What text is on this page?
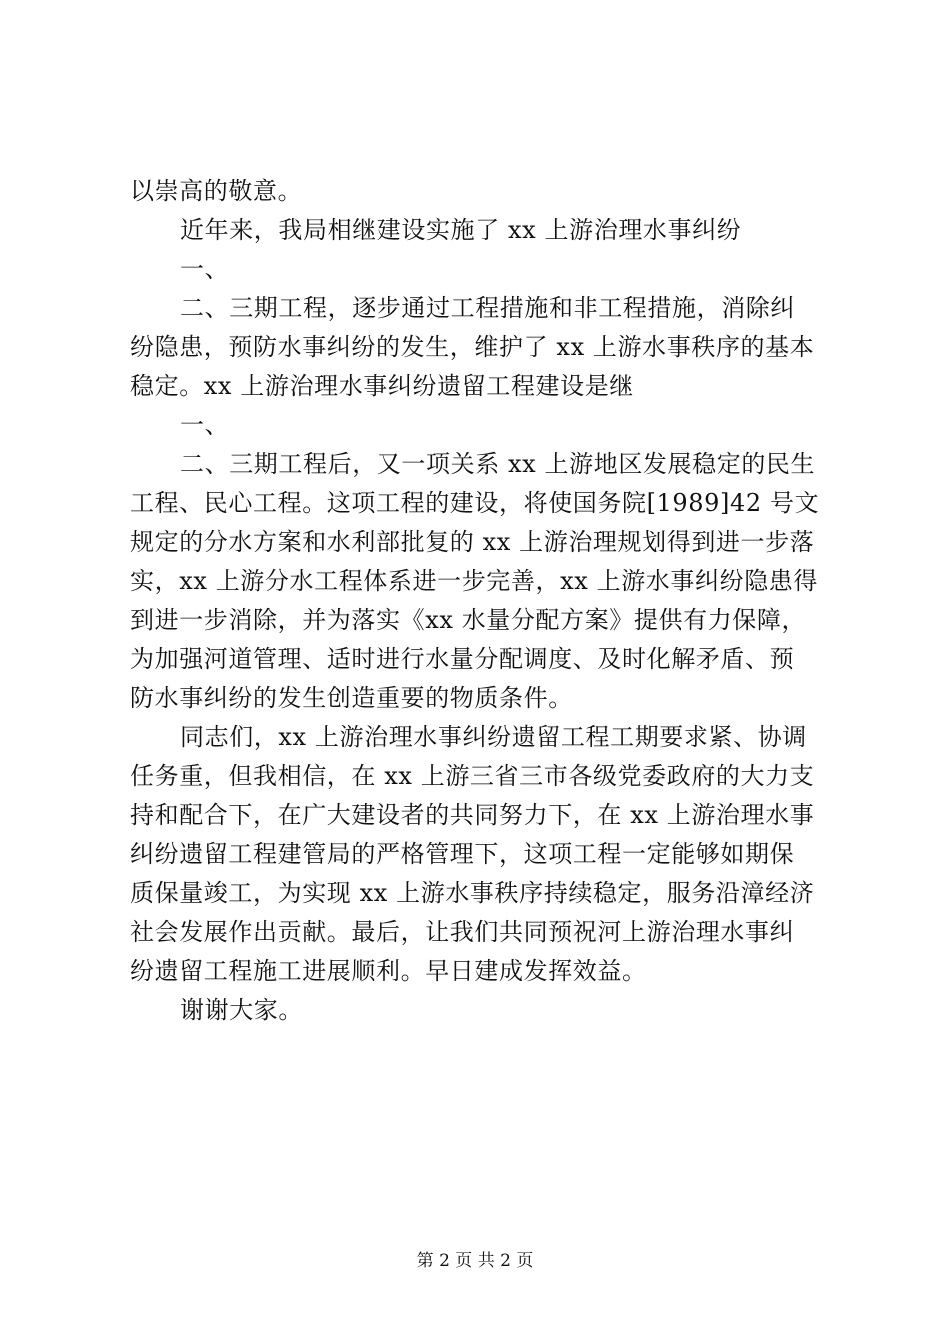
以崇高的敬意。
近年来，我局相继建设实施了 xx 上游治理水事纠纷
一、
二、三期工程，逐步通过工程措施和非工程措施，消除纠
纷隐患，预防水事纠纷的发生，维护了 xx 上游水事秩序的基本
稳定。xx 上游治理水事纠纷遗留工程建设是继
一、
二、三期工程后，又一项关系 xx 上游地区发展稳定的民生
工程、民心工程。这项工程的建设，将使国务院[1989]42 号文
规定的分水方案和水利部批复的 xx 上游治理规划得到进一步落
实，xx 上游分水工程体系进一步完善，xx 上游水事纠纷隐患得
到进一步消除，并为落实《xx 水量分配方案》提供有力保障，
为加强河道管理、适时进行水量分配调度、及时化解矛盾、预
防水事纠纷的发生创造重要的物质条件。
同志们，xx 上游治理水事纠纷遗留工程工期要求紧、协调
任务重，但我相信，在 xx 上游三省三市各级党委政府的大力支
持和配合下，在广大建设者的共同努力下，在 xx 上游治理水事
纠纷遗留工程建管局的严格管理下，这项工程一定能够如期保
质保量竣工，为实现 xx 上游水事秩序持续稳定，服务沿漳经济
社会发展作出贡献。最后，让我们共同预祝河上游治理水事纠
纷遗留工程施工进展顺利。早日建成发挥效益。
谢谢大家。
第 2 页 共 2 页
